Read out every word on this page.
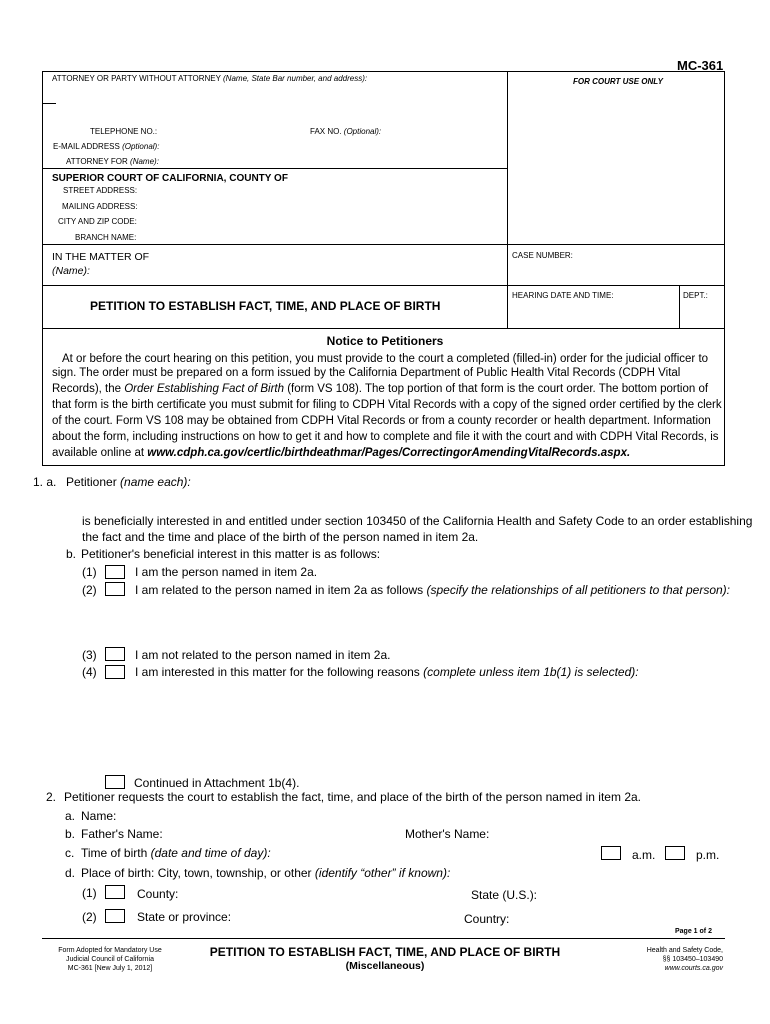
MC-361
ATTORNEY OR PARTY WITHOUT ATTORNEY (Name, State Bar number, and address):	FOR COURT USE ONLY
TELEPHONE NO.:	FAX NO. (Optional):
E-MAIL ADDRESS (Optional):
ATTORNEY FOR (Name):
SUPERIOR COURT OF CALIFORNIA, COUNTY OF
STREET ADDRESS:
MAILING ADDRESS:
CITY AND ZIP CODE:
BRANCH NAME:
IN THE MATTER OF
(Name):
CASE NUMBER:
HEARING DATE AND TIME:	DEPT.:
PETITION TO ESTABLISH FACT, TIME, AND PLACE OF BIRTH
Notice to Petitioners
At or before the court hearing on this petition, you must provide to the court a completed (filled-in) order for the judicial officer to
sign. The order must be prepared on a form issued by the California Department of Public Health Vital Records (CDPH Vital
Records), the Order Establishing Fact of Birth (form VS 108). The top portion of that form is the court order. The bottom portion of
that form is the birth certificate you must submit for filing to CDPH Vital Records with a copy of the signed order certified by the clerk
of the court. Form VS 108 may be obtained from CDPH Vital Records or from a county recorder or health department. Information
about the form, including instructions on how to get it and how to complete and file it with the court and with CDPH Vital Records, is
available online at www.cdph.ca.gov/certlic/birthdeathmar/Pages/CorrectingorAmendingVitalRecords.aspx.
1. a. Petitioner (name each):
is beneficially interested in and entitled under section 103450 of the California Health and Safety Code to an order establishing
the fact and the time and place of the birth of the person named in item 2a.
b. Petitioner's beneficial interest in this matter is as follows:
(1)	I am the person named in item 2a.
(2)	I am related to the person named in item 2a as follows (specify the relationships of all petitioners to that person):
(3)	I am not related to the person named in item 2a.
(4)	I am interested in this matter for the following reasons (complete unless item 1b(1) is selected):
Continued in Attachment 1b(4).
2. Petitioner requests the court to establish the fact, time, and place of the birth of the person named in item 2a.
a. Name:
b. Father's Name:	Mother's Name:
c. Time of birth (date and time of day):	a.m.	p.m.
d. Place of birth: City, town, township, or other (identify “other” if known):
(1)	County:	State (U.S.):
(2)	State or province:	Country:
Page 1 of 2
Form Adopted for Mandatory Use
Judicial Council of California
MC-361 [New July 1, 2012]
PETITION TO ESTABLISH FACT, TIME, AND PLACE OF BIRTH
(Miscellaneous)
Health and Safety Code,
§§ 103450–103490
www.courts.ca.gov
